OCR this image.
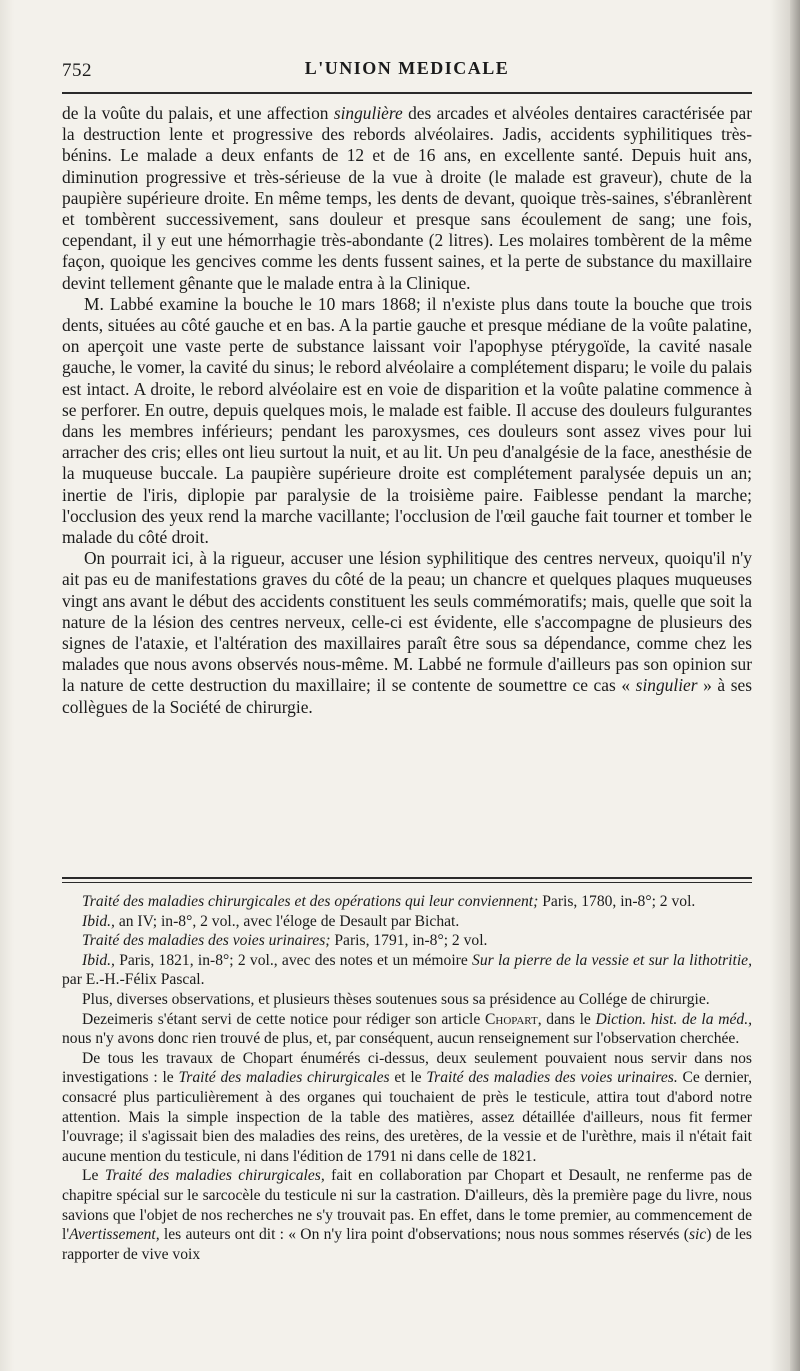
752	L'UNION MEDICALE

de la voûte du palais, et une affection singulière des arcades et alvéoles dentaires caractérisée par la destruction lente et progressive des rebords alvéolaires. Jadis, accidents syphilitiques très-bénins. Le malade a deux enfants de 12 et de 16 ans, en excellente santé. Depuis huit ans, diminution progressive et très-sérieuse de la vue à droite (le malade est graveur), chute de la paupière supérieure droite. En même temps, les dents de devant, quoique très-saines, s'ébranlèrent et tombèrent successivement, sans douleur et presque sans écoulement de sang; une fois, cependant, il y eut une hémorrhagie très-abondante (2 litres). Les molaires tombèrent de la même façon, quoique les gencives comme les dents fussent saines, et la perte de substance du maxillaire devint tellement gênante que le malade entra à la Clinique.

M. Labbé examine la bouche le 10 mars 1868; il n'existe plus dans toute la bouche que trois dents, situées au côté gauche et en bas. A la partie gauche et presque médiane de la voûte palatine, on aperçoit une vaste perte de substance laissant voir l'apophyse ptérygoïde, la cavité nasale gauche, le vomer, la cavité du sinus; le rebord alvéolaire a complétement disparu; le voile du palais est intact. A droite, le rebord alvéolaire est en voie de disparition et la voûte palatine commence à se perforer. En outre, depuis quelques mois, le malade est faible. Il accuse des douleurs fulgurantes dans les membres inférieurs; pendant les paroxysmes, ces douleurs sont assez vives pour lui arracher des cris; elles ont lieu surtout la nuit, et au lit. Un peu d'analgésie de la face, anesthésie de la muqueuse buccale. La paupière supérieure droite est complétement paralysée depuis un an; inertie de l'iris, diplopie par paralysie de la troisième paire. Faiblesse pendant la marche; l'occlusion des yeux rend la marche vacillante; l'occlusion de l'œil gauche fait tourner et tomber le malade du côté droit.

On pourrait ici, à la rigueur, accuser une lésion syphilitique des centres nerveux, quoiqu'il n'y ait pas eu de manifestations graves du côté de la peau; un chancre et quelques plaques muqueuses vingt ans avant le début des accidents constituent les seuls commémoratifs; mais, quelle que soit la nature de la lésion des centres nerveux, celle-ci est évidente, elle s'accompagne de plusieurs des signes de l'ataxie, et l'altération des maxillaires paraît être sous sa dépendance, comme chez les malades que nous avons observés nous-même. M. Labbé ne formule d'ailleurs pas son opinion sur la nature de cette destruction du maxillaire; il se contente de soumettre ce cas « singulier » à ses collègues de la Société de chirurgie.

Traité des maladies chirurgicales et des opérations qui leur conviennent; Paris, 1780, in-8°; 2 vol.

Ibid., an IV; in-8°, 2 vol., avec l'éloge de Desault par Bichat.

Traité des maladies des voies urinaires; Paris, 1791, in-8°; 2 vol.

Ibid., Paris, 1821, in-8°; 2 vol., avec des notes et un mémoire Sur la pierre de la vessie et sur la lithotritie, par E.-H.-Félix Pascal.

Plus, diverses observations, et plusieurs thèses soutenues sous sa présidence au Collége de chirurgie.

Dezeimeris s'étant servi de cette notice pour rédiger son article Chopart, dans le Diction. hist. de la méd., nous n'y avons donc rien trouvé de plus, et, par conséquent, aucun renseignement sur l'observation cherchée.

De tous les travaux de Chopart énumérés ci-dessus, deux seulement pouvaient nous servir dans nos investigations : le Traité des maladies chirurgicales et le Traité des maladies des voies urinaires. Ce dernier, consacré plus particulièrement à des organes qui touchaient de près le testicule, attira tout d'abord notre attention. Mais la simple inspection de la table des matières, assez détaillée d'ailleurs, nous fit fermer l'ouvrage; il s'agissait bien des maladies des reins, des uretères, de la vessie et de l'urèthre, mais il n'était fait aucune mention du testicule, ni dans l'édition de 1791 ni dans celle de 1821.

Le Traité des maladies chirurgicales, fait en collaboration par Chopart et Desault, ne renferme pas de chapitre spécial sur le sarcocèle du testicule ni sur la castration. D'ailleurs, dès la première page du livre, nous savions que l'objet de nos recherches ne s'y trouvait pas. En effet, dans le tome premier, au commencement de l'Avertissement, les auteurs ont dit : « On n'y lira point d'observations; nous nous sommes réservés (sic) de les rapporter de vive voix
